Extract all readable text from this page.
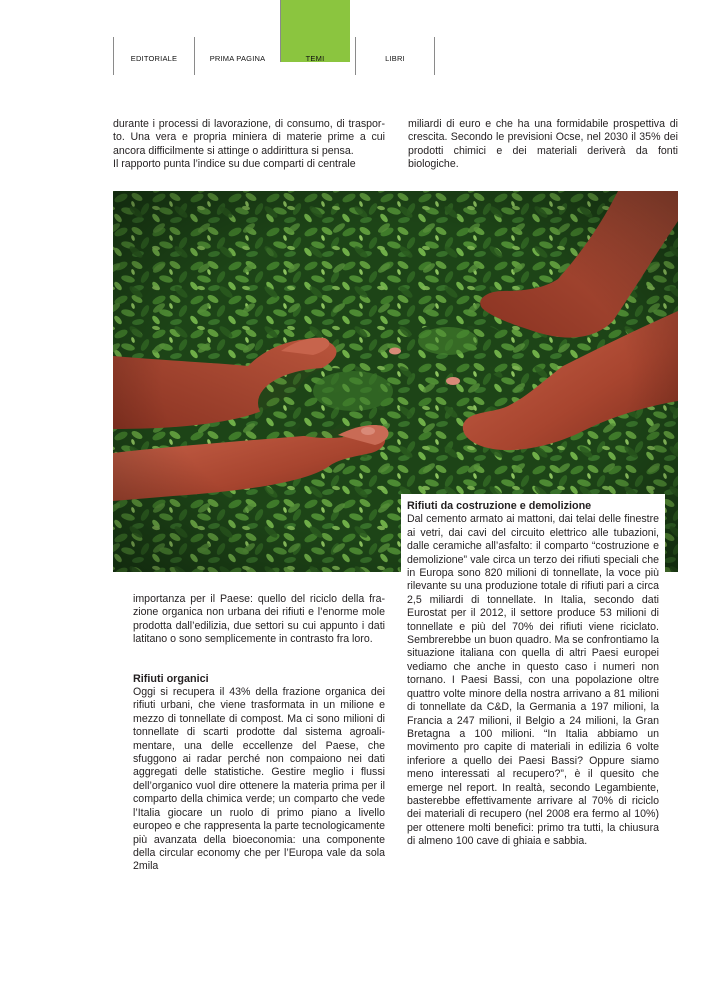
EDITORIALE	PRIMA PAGINA	TEMI	LIBRI

durante i processi di lavorazione, di consumo, di trasporto. Una vera e propria miniera di materie prime a cui ancora difficilmente si attinge o addirittura si pensa.

Il rapporto punta l’indice su due comparti di centrale

miliardi di euro e che ha una formidabile prospettiva di crescita. Secondo le previsioni Ocse, nel 2030 il 35% dei prodotti chimici e dei materiali deriverà da fonti biologiche.

Rifiuti da costruzione e demolizione

Dal cemento armato ai mattoni, dai telai delle finestre ai vetri, dai cavi del circuito elettrico alle tubazioni, dalle ceramiche all’asfalto: il comparto “costruzione e demolizione” vale circa un terzo dei rifiuti speciali che in Europa sono 820 milioni di tonnellate, la voce più rilevante su una produzione totale di rifiuti pari a circa 2,5 miliardi di tonnellate. In Italia, secondo dati Eurostat per il 2012, il settore produce 53 milioni di tonnellate e più del 70% dei rifiuti viene riciclato. Sembrerebbe un buon quadro. Ma se confrontiamo la situazione italiana con quella di altri Paesi europei vediamo che anche in questo caso i numeri non tornano. I Paesi Bassi, con una popolazione oltre quattro volte minore della nostra arrivano a 81 milioni di tonnellate da C&D, la Germania a 197 milioni, la Francia a 247 milioni, il Belgio a 24 milioni, la Gran Bretagna a 100 milioni. “In Italia abbiamo un movimento pro capite di materiali in edilizia 6 volte inferiore a quello dei Paesi Bassi? Oppure siamo meno interessati al recupero?”, è il quesito che emerge nel report. In realtà, secondo Legambiente, basterebbe effettivamente arrivare al 70% di riciclo dei materiali di recupero (nel 2008 era fermo al 10%) per ottenere molti benefici: primo tra tutti, la chiusura di almeno 100 cave di ghiaia e sabbia.

importanza per il Paese: quello del riciclo della frazione organica non urbana dei rifiuti e l’enorme mole prodotta dall’edilizia, due settori su cui appunto i dati latitano o sono semplicemente in contrasto fra loro.

Rifiuti organici

Oggi si recupera il 43% della frazione organica dei rifiuti urbani, che viene trasformata in un milione e mezzo di tonnellate di compost. Ma ci sono milioni di tonnellate di scarti prodotte dal sistema agroalimentare, una delle eccellenze del Paese, che sfuggono ai radar perché non compaiono nei dati aggregati delle statistiche. Gestire meglio i flussi dell’organico vuol dire ottenere la materia prima per il comparto della chimica verde; un comparto che vede l’Italia giocare un ruolo di primo piano a livello europeo e che rappresenta la parte tecnologicamente più avanzata della bioeconomia: una componente della circular economy che per l’Europa vale da sola 2mila
